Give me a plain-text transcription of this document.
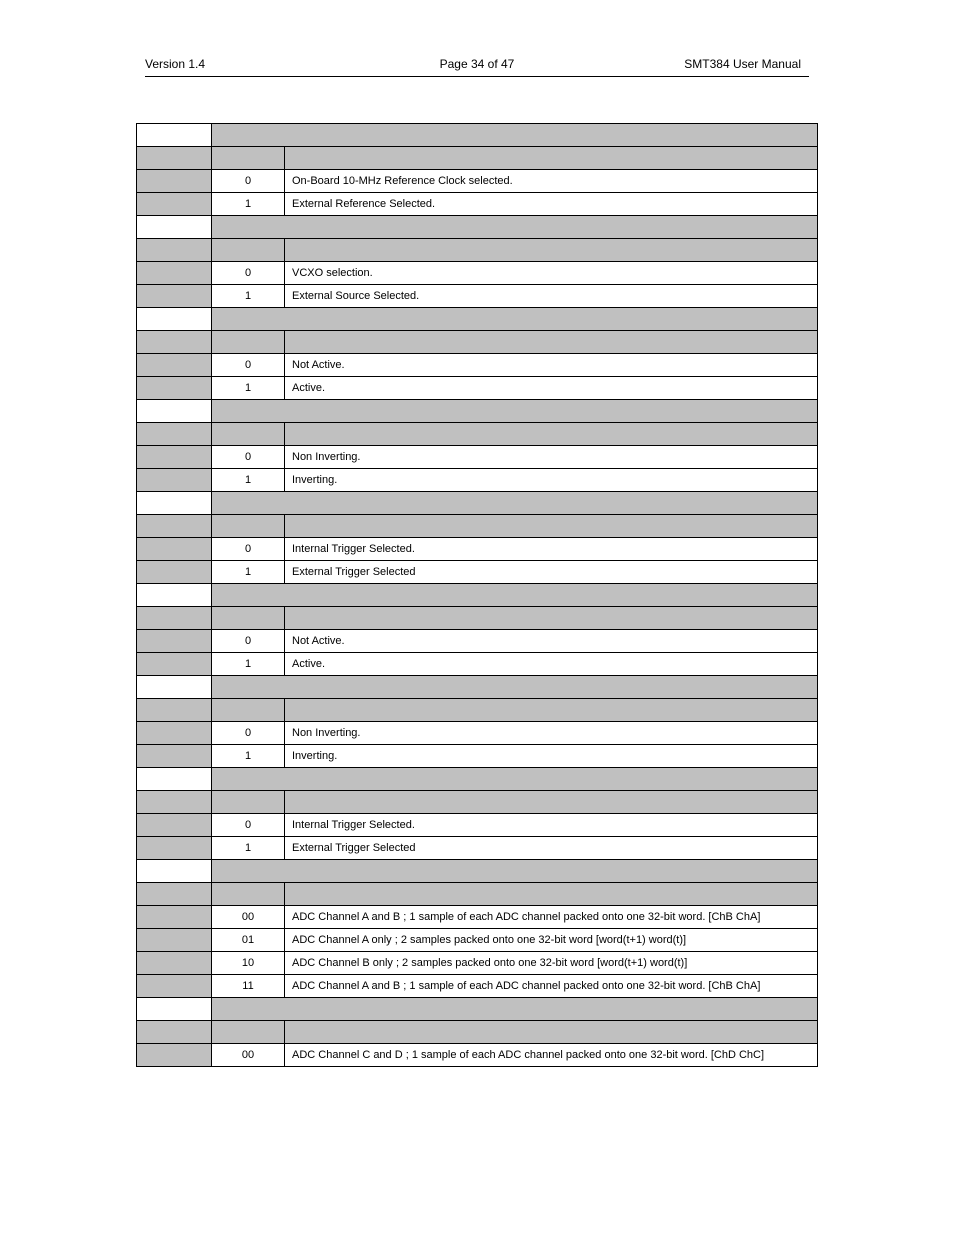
Version 1.4	Page 34 of 47	SMT384 User Manual

	0	On-Board 10-MHz Reference Clock selected.
	1	External Reference Selected.

	0	VCXO selection.
	1	External Source Selected.

	0	Not Active.
	1	Active.

	0	Non Inverting.
	1	Inverting.

	0	Internal Trigger Selected.
	1	External Trigger Selected

	0	Not Active.
	1	Active.

	0	Non Inverting.
	1	Inverting.

	0	Internal Trigger Selected.
	1	External Trigger Selected

	00	ADC Channel A and B ; 1 sample of each ADC channel packed onto one 32-bit word. [ChB ChA]
	01	ADC Channel A only ; 2 samples packed onto one 32-bit word [word(t+1) word(t)]
	10	ADC Channel B only ; 2 samples packed onto one 32-bit word [word(t+1) word(t)]
	11	ADC Channel A and B ; 1 sample of each ADC channel packed onto one 32-bit word. [ChB ChA]

	00	ADC Channel C and D ; 1 sample of each ADC channel packed onto one 32-bit word. [ChD ChC]
